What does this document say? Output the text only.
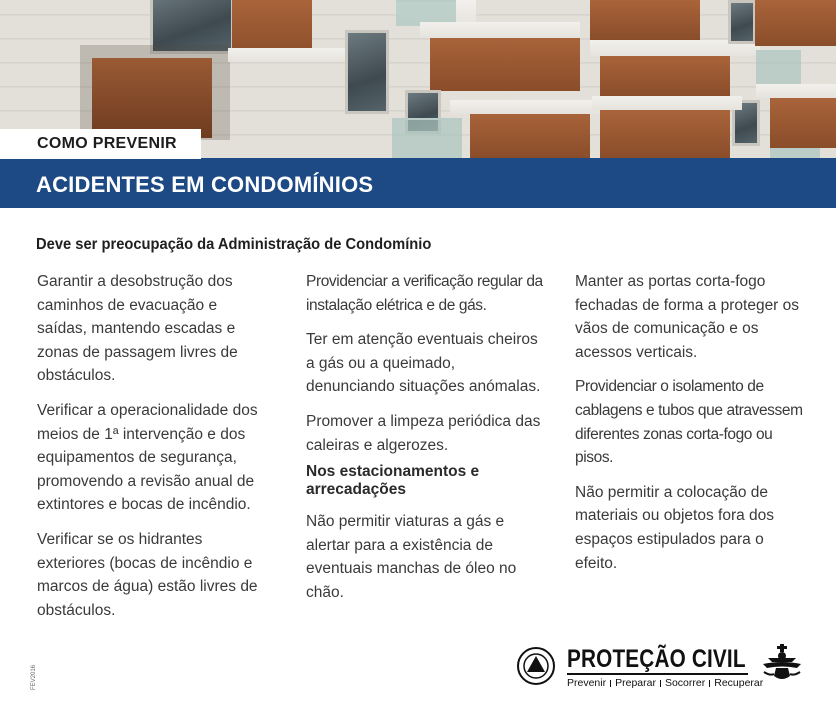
COMO PREVENIR
ACIDENTES EM CONDOMÍNIOS
Deve ser preocupação da Administração de Condomínio

Garantir a desobstrução dos caminhos de evacuação e saídas, mantendo escadas e zonas de passagem livres de obstáculos.

Verificar a operacionalidade dos meios de 1ª intervenção e dos equipamentos de segurança, promovendo a revisão anual de extintores e bocas de incêndio.

Verificar se os hidrantes exteriores (bocas de incêndio e marcos de água) estão livres de obstáculos.

Providenciar a verificação regular da instalação elétrica e de gás.

Ter em atenção eventuais cheiros a gás ou a queimado, denunciando situações anómalas.

Promover a limpeza periódica das caleiras e algerozes.

Nos estacionamentos e arrecadações

Não permitir viaturas a gás e alertar para a existência de eventuais manchas de óleo no chão.

Manter as portas corta-fogo fechadas de forma a proteger os vãos de comunicação e os acessos verticais.

Providenciar o isolamento de cablagens e tubos que atravessem diferentes zonas corta-fogo ou pisos.

Não permitir a colocação de materiais ou objetos fora dos espaços estipulados para o efeito.

FEV2016
PROTEÇÃO CIVIL
Prevenir Preparar Socorrer Recuperar
